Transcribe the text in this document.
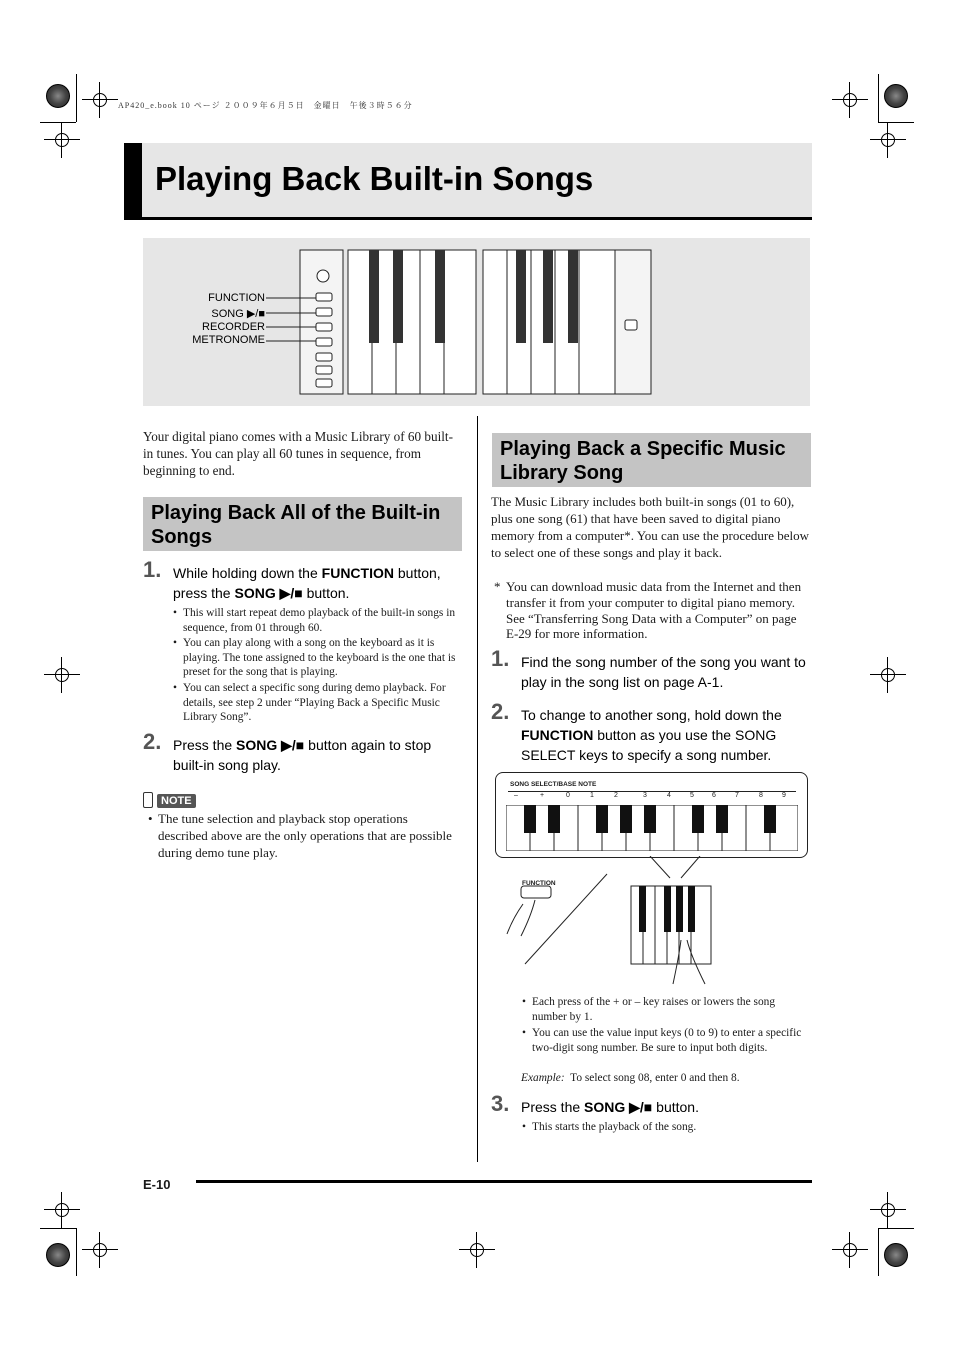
AP420_e.book 10 ページ ２００９年６月５日　金曜日　午後３時５６分
Playing Back Built-in Songs
FUNCTION
SONG ▶/■
RECORDER
METRONOME
Your digital piano comes with a Music Library of 60 built-in tunes. You can play all 60 tunes in sequence, from beginning to end.
Playing Back All of the Built-in Songs
1. While holding down the FUNCTION button, press the SONG ▶/■ button.
• This will start repeat demo playback of the built-in songs in sequence, from 01 through 60.
• You can play along with a song on the keyboard as it is playing. The tone assigned to the keyboard is the one that is preset for the song that is playing.
• You can select a specific song during demo playback. For details, see step 2 under “Playing Back a Specific Music Library Song”.
2. Press the SONG ▶/■ button again to stop built-in song play.
NOTE
• The tune selection and playback stop operations described above are the only operations that are possible during demo tune play.
Playing Back a Specific Music Library Song
The Music Library includes both built-in songs (01 to 60), plus one song (61) that have been saved to digital piano memory from a computer*. You can use the procedure below to select one of these songs and play it back.
* You can download music data from the Internet and then transfer it from your computer to digital piano memory. See “Transferring Song Data with a Computer” on page E-29 for more information.
1. Find the song number of the song you want to play in the song list on page A-1.
2. To change to another song, hold down the FUNCTION button as you use the SONG SELECT keys to specify a song number.
SONG SELECT/BASE NOTE
–	+	0	1	2	3	4	5	6	7	8	9
FUNCTION
• Each press of the + or – key raises or lowers the song number by 1.
• You can use the value input keys (0 to 9) to enter a specific two-digit song number. Be sure to input both digits.
Example: To select song 08, enter 0 and then 8.
3. Press the SONG ▶/■ button.
• This starts the playback of the song.
E-10
